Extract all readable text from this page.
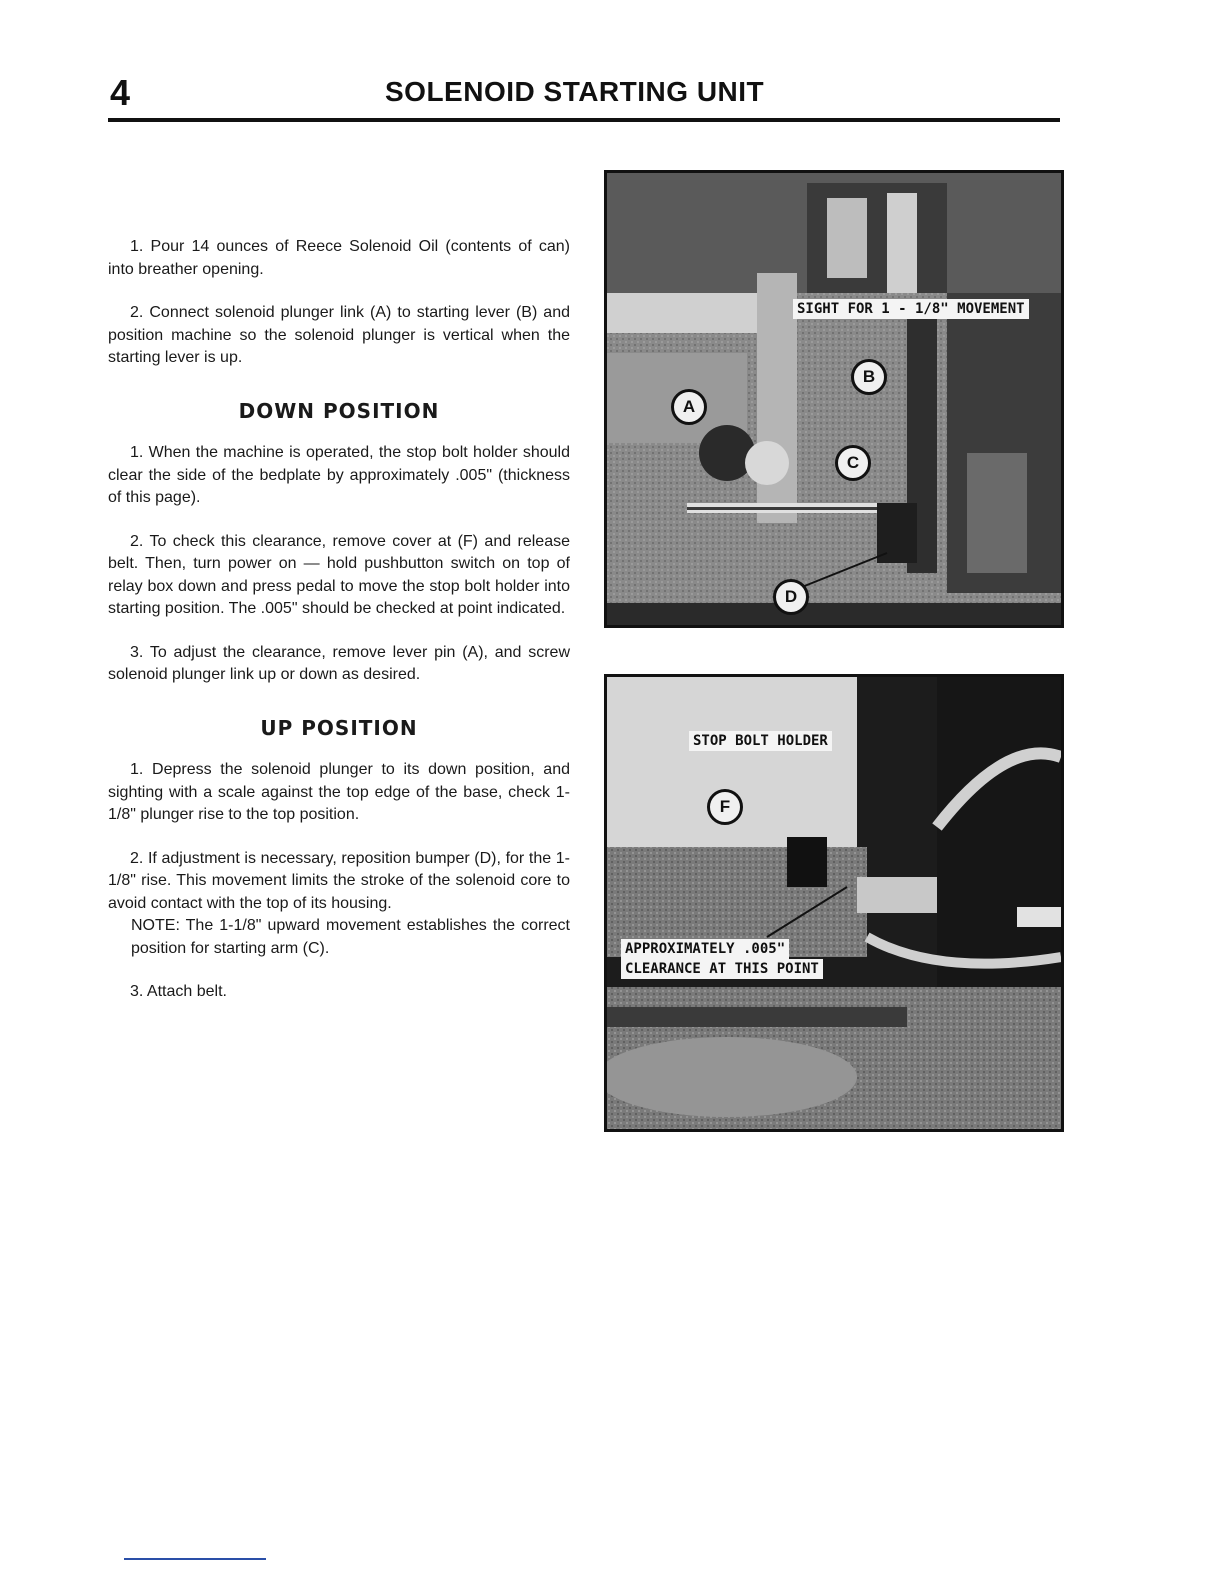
4	SOLENOID STARTING UNIT

1. Pour 14 ounces of Reece Solenoid Oil (contents of can) into breather opening.

2. Connect solenoid plunger link (A) to starting lever (B) and position machine so the solenoid plunger is vertical when the starting lever is up.

DOWN POSITION

1. When the machine is operated, the stop bolt holder should clear the side of the bedplate by approximately .005" (thickness of this page).

2. To check this clearance, remove cover at (F) and release belt. Then, turn power on — hold pushbutton switch on top of relay box down and press pedal to move the stop bolt holder into starting position. The .005" should be checked at point indicated.

3. To adjust the clearance, remove lever pin (A), and screw solenoid plunger link up or down as desired.

UP POSITION

1. Depress the solenoid plunger to its down position, and sighting with a scale against the top edge of the base, check 1-1/8" plunger rise to the top position.

2. If adjustment is necessary, reposition bumper (D), for the 1-1/8" rise. This movement limits the stroke of the solenoid core to avoid contact with the top of its housing.

NOTE: The 1-1/8" upward movement establishes the correct position for starting arm (C).

3. Attach belt.

SIGHT FOR 1 - 1/8" MOVEMENT
A
B
C
D
STOP BOLT HOLDER
F
APPROXIMATELY .005"
CLEARANCE AT THIS POINT
